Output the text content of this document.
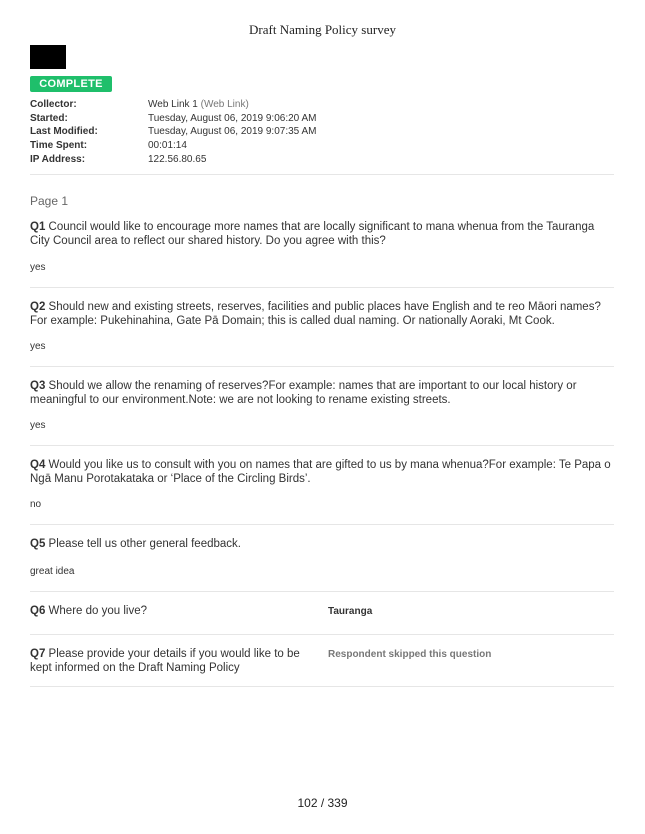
Draft Naming Policy survey
COMPLETE
Collector:	Web Link 1 (Web Link)
Started:	Tuesday, August 06, 2019 9:06:20 AM
Last Modified:	Tuesday, August 06, 2019 9:07:35 AM
Time Spent:	00:01:14
IP Address:	122.56.80.65
Page 1
Q1 Council would like to encourage more names that are locally significant to mana whenua from the Tauranga City Council area to reflect our shared history. Do you agree with this?
yes
Q2 Should new and existing streets, reserves, facilities and public places have English and te reo Māori names?For example: Pukehinahina, Gate Pā Domain; this is called dual naming. Or nationally Aoraki, Mt Cook.
yes
Q3 Should we allow the renaming of reserves?For example: names that are important to our local history or meaningful to our environment.Note: we are not looking to rename existing streets.
yes
Q4 Would you like us to consult with you on names that are gifted to us by mana whenua?For example: Te Papa o Ngā Manu Porotakataka or ‘Place of the Circling Birds’.
no
Q5 Please tell us other general feedback.
great idea
Q6 Where do you live?	Tauranga
Q7 Please provide your details if you would like to be kept informed on the Draft Naming Policy
Respondent skipped this question
102 / 339
